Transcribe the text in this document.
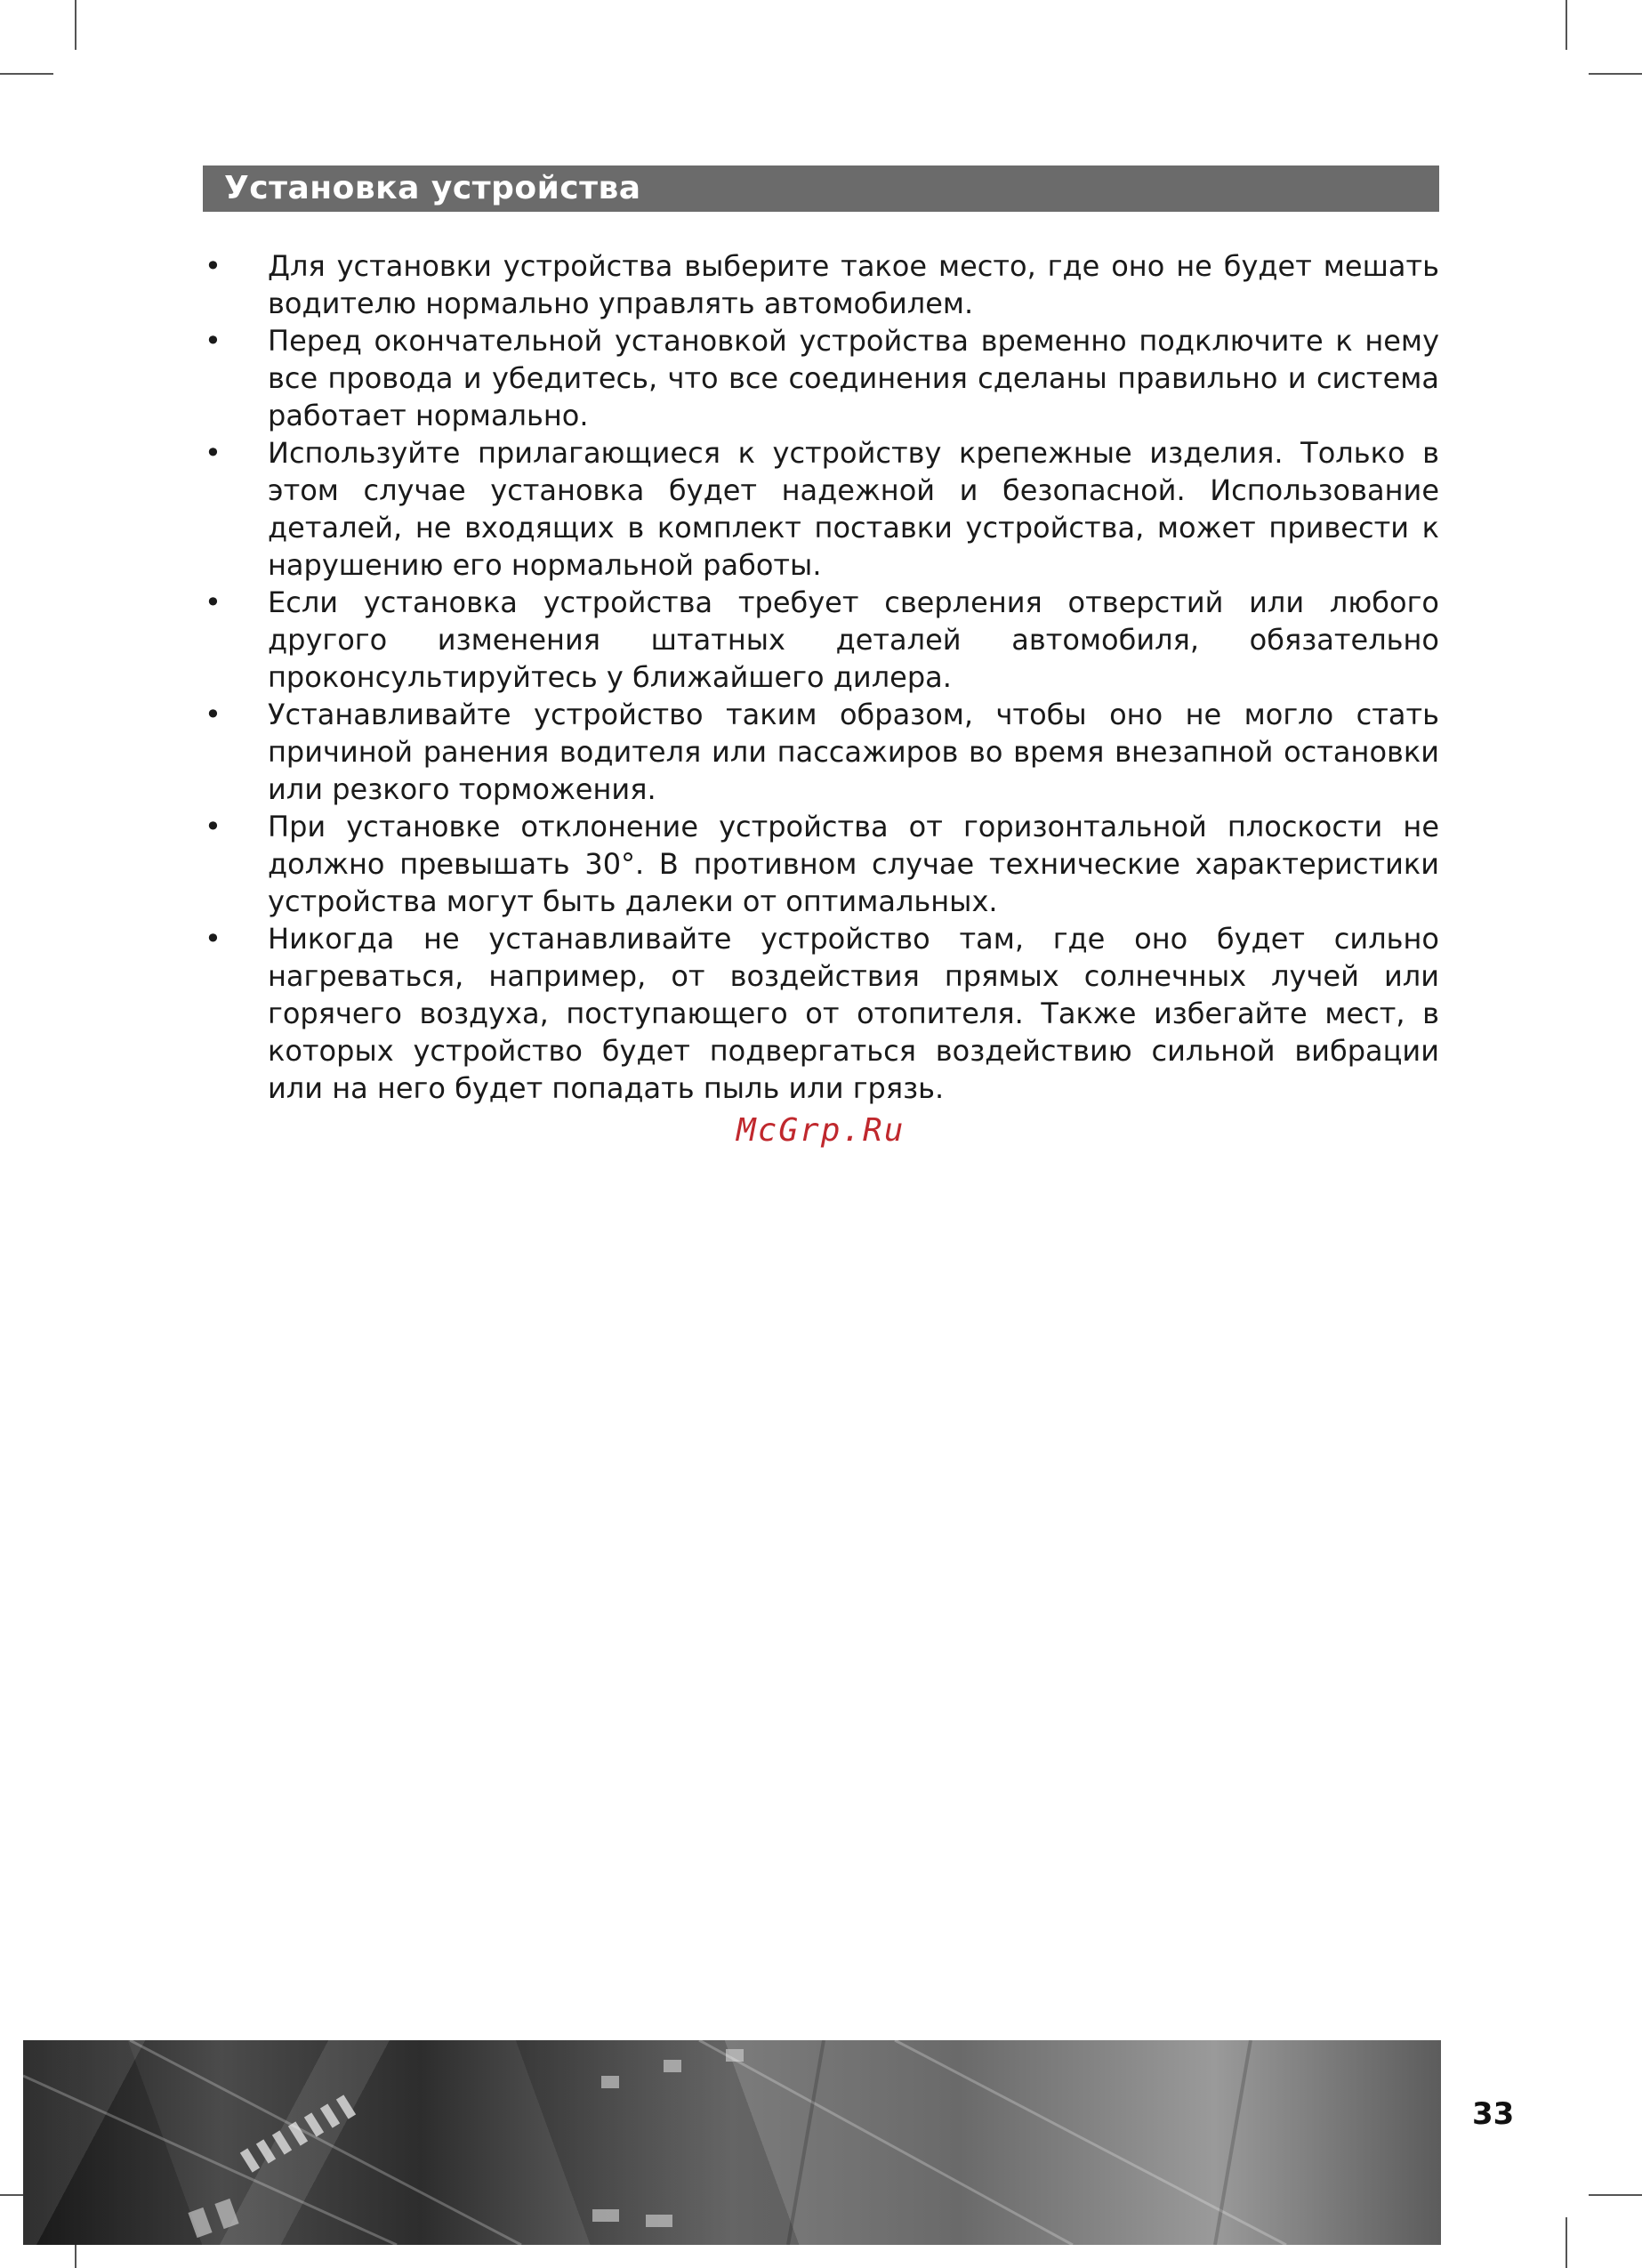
Установка устройства
•	Для установки устройства выберите такое место, где оно не будет мешать водителю нормально управлять автомобилем.
•	Перед окончательной установкой устройства временно подключите к нему все провода и убедитесь, что все соединения сделаны правильно и система работает нормально.
•	Используйте прилагающиеся к устройству крепежные изделия. Только в этом случае установка будет надежной и безопасной. Использование деталей, не входящих в комплект поставки устройства, может привести к нарушению его нормальной работы.
•	Если установка устройства требует сверления отверстий или любого другого изменения штатных деталей автомобиля, обязательно проконсультируйтесь у ближайшего дилера.
•	Устанавливайте устройство таким образом, чтобы оно не могло стать причиной ранения водителя или пассажиров во время внезапной остановки или резкого торможения.
•	При установке отклонение устройства от горизонтальной плоскости не должно превышать 30°. В противном случае технические характеристики устройства могут быть далеки от оптимальных.
•	Никогда не устанавливайте устройство там, где оно будет сильно нагреваться, например, от воздействия прямых солнечных лучей или горячего воздуха, поступающего от отопителя. Также избегайте мест, в которых устройство будет подвергаться воздействию сильной вибрации или на него будет попадать пыль или грязь.
McGrp.Ru
33
